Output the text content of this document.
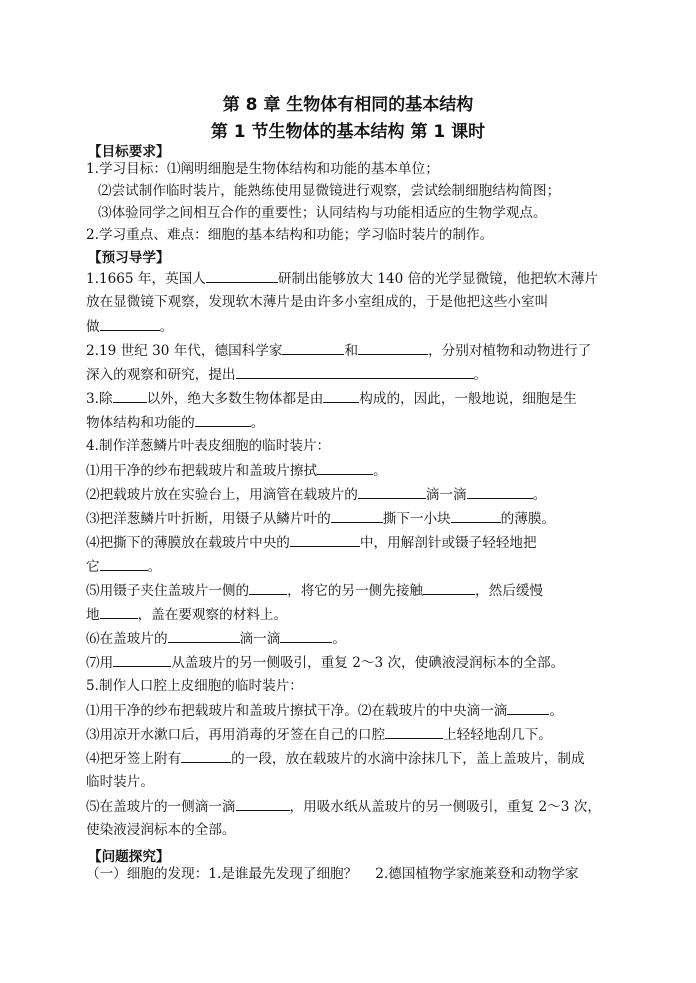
第 8 章 生物体有相同的基本结构
第 1 节生物体的基本结构 第 1 课时
【目标要求】
1.学习目标：⑴阐明细胞是生物体结构和功能的基本单位；
⑵尝试制作临时装片，能熟练使用显微镜进行观察，尝试绘制细胞结构简图；
⑶体验同学之间相互合作的重要性；认同结构与功能相适应的生物学观点。
2.学习重点、难点：细胞的基本结构和功能；学习临时装片的制作。
【预习导学】
1.1665 年，英国人	研制出能够放大 140 倍的光学显微镜，他把软木薄片
放在显微镜下观察，发现软木薄片是由许多小室组成的，于是他把这些小室叫
做	。
2.19 世纪 30 年代，德国科学家	和	，分别对植物和动物进行了
深入的观察和研究，提出	。
3.除	以外，绝大多数生物体都是由	构成的，因此，一般地说，细胞是生
物体结构和功能的	。
4.制作洋葱鳞片叶表皮细胞的临时装片：
⑴用干净的纱布把载玻片和盖玻片擦拭	。
⑵把载玻片放在实验台上，用滴管在载玻片的	滴一滴	。
⑶把洋葱鳞片叶折断，用镊子从鳞片叶的	撕下一小块	的薄膜。
⑷把撕下的薄膜放在载玻片中央的	中，用解剖针或镊子轻轻地把
它	。
⑸用镊子夹住盖玻片一侧的	，将它的另一侧先接触	，然后缓慢
地	，盖在要观察的材料上。
⑹在盖玻片的	滴一滴	。
⑺用	从盖玻片的另一侧吸引，重复 2～3 次，使碘液浸润标本的全部。
5.制作人口腔上皮细胞的临时装片：
⑴用干净的纱布把载玻片和盖玻片擦拭干净。⑵在载玻片的中央滴一滴	。
⑶用凉开水漱口后，再用消毒的牙签在自己的口腔	上轻轻地刮几下。
⑷把牙签上附有	的一段，放在载玻片的水滴中涂抹几下，盖上盖玻片，制成
临时装片。
⑸在盖玻片的一侧滴一滴	，用吸水纸从盖玻片的另一侧吸引，重复 2～3 次，
使染液浸润标本的全部。
【问题探究】
（一）细胞的发现：1.是谁最先发现了细胞？ 2.德国植物学家施莱登和动物学家
